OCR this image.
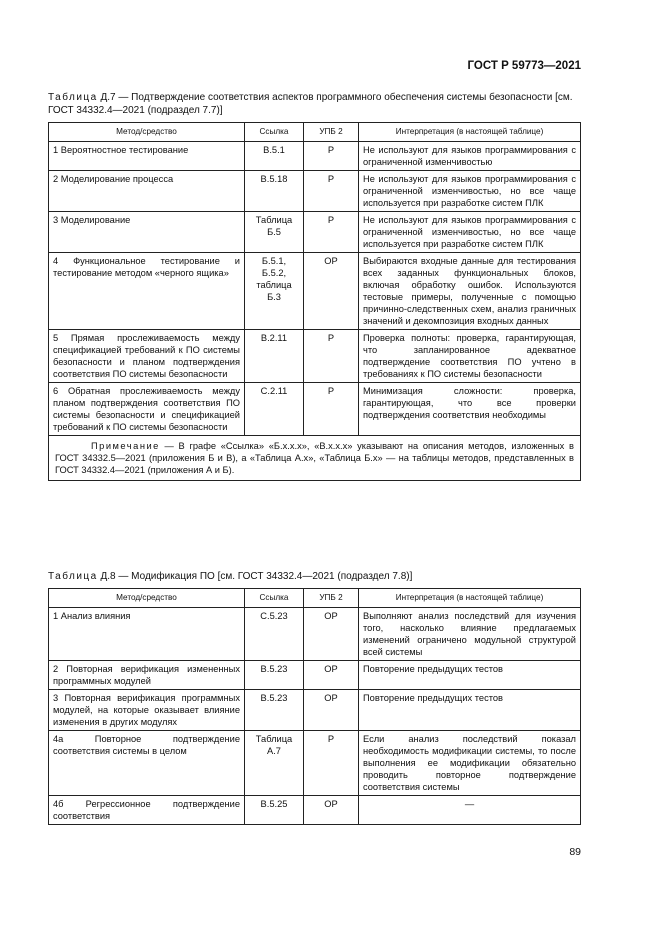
ГОСТ Р 59773—2021
Таблица Д.7 — Подтверждение соответствия аспектов программного обеспечения системы безопасности [см. ГОСТ 34332.4—2021 (подраздел 7.7)]
Метод/средство	Ссылка	УПБ 2	Интерпретация (в настоящей таблице)
1 Вероятностное тестирование	B.5.1	P	Не используют для языков программирования с ограниченной изменчивостью
2 Моделирование процесса	B.5.18	P	Не используют для языков программирования с ограниченной изменчивостью, но все чаще используется при разработке систем ПЛК
3 Моделирование	Таблица Б.5	P	Не используют для языков программирования с ограниченной изменчивостью, но все чаще используется при разработке систем ПЛК
4 Функциональное тестирование и тестирование методом «черного ящика»	Б.5.1, Б.5.2, таблица Б.3	OP	Выбираются входные данные для тестирования всех заданных функциональных блоков, включая обработку ошибок. Используются тестовые примеры, полученные с помощью причинно-следственных схем, анализ граничных значений и декомпозиция входных данных
5 Прямая прослеживаемость между спецификацией требований к ПО системы безопасности и планом подтверждения соответствия ПО системы безопасности	B.2.11	P	Проверка полноты: проверка, гарантирующая, что запланированное адекватное подтверждение соответствия ПО учтено в требованиях к ПО системы безопасности
6 Обратная прослеживаемость между планом подтверждения соответствия ПО системы безопасности и спецификацией требований к ПО системы безопасности	C.2.11	P	Минимизация сложности: проверка, гарантирующая, что все проверки подтверждения соответствия необходимы
Примечание — В графе «Ссылка» «Б.х.х.х», «В.х.х.х» указывают на описания методов, изложенных в ГОСТ 34332.5—2021 (приложения Б и В), а «Таблица А.х», «Таблица Б.х» — на таблицы методов, представленных в ГОСТ 34332.4—2021 (приложения А и Б).			
Таблица Д.8 — Модификация ПО [см. ГОСТ 34332.4—2021 (подраздел 7.8)]
Метод/средство	Ссылка	УПБ 2	Интерпретация (в настоящей таблице)
1 Анализ влияния	C.5.23	OP	Выполняют анализ последствий для изучения того, насколько влияние предлагаемых изменений ограничено модульной структурой всей системы
2 Повторная верификация измененных программных модулей	B.5.23	OP	Повторение предыдущих тестов
3 Повторная верификация программных модулей, на которые оказывает влияние изменения в других модулях	B.5.23	OP	Повторение предыдущих тестов
4а Повторное подтверждение соответствия системы в целом	Таблица А.7	P	Если анализ последствий показал необходимость модификации системы, то после выполнения ее модификации обязательно проводить повторное подтверждение соответствия системы
4б Регрессионное подтверждение соответствия	B.5.25	OP	—
89
